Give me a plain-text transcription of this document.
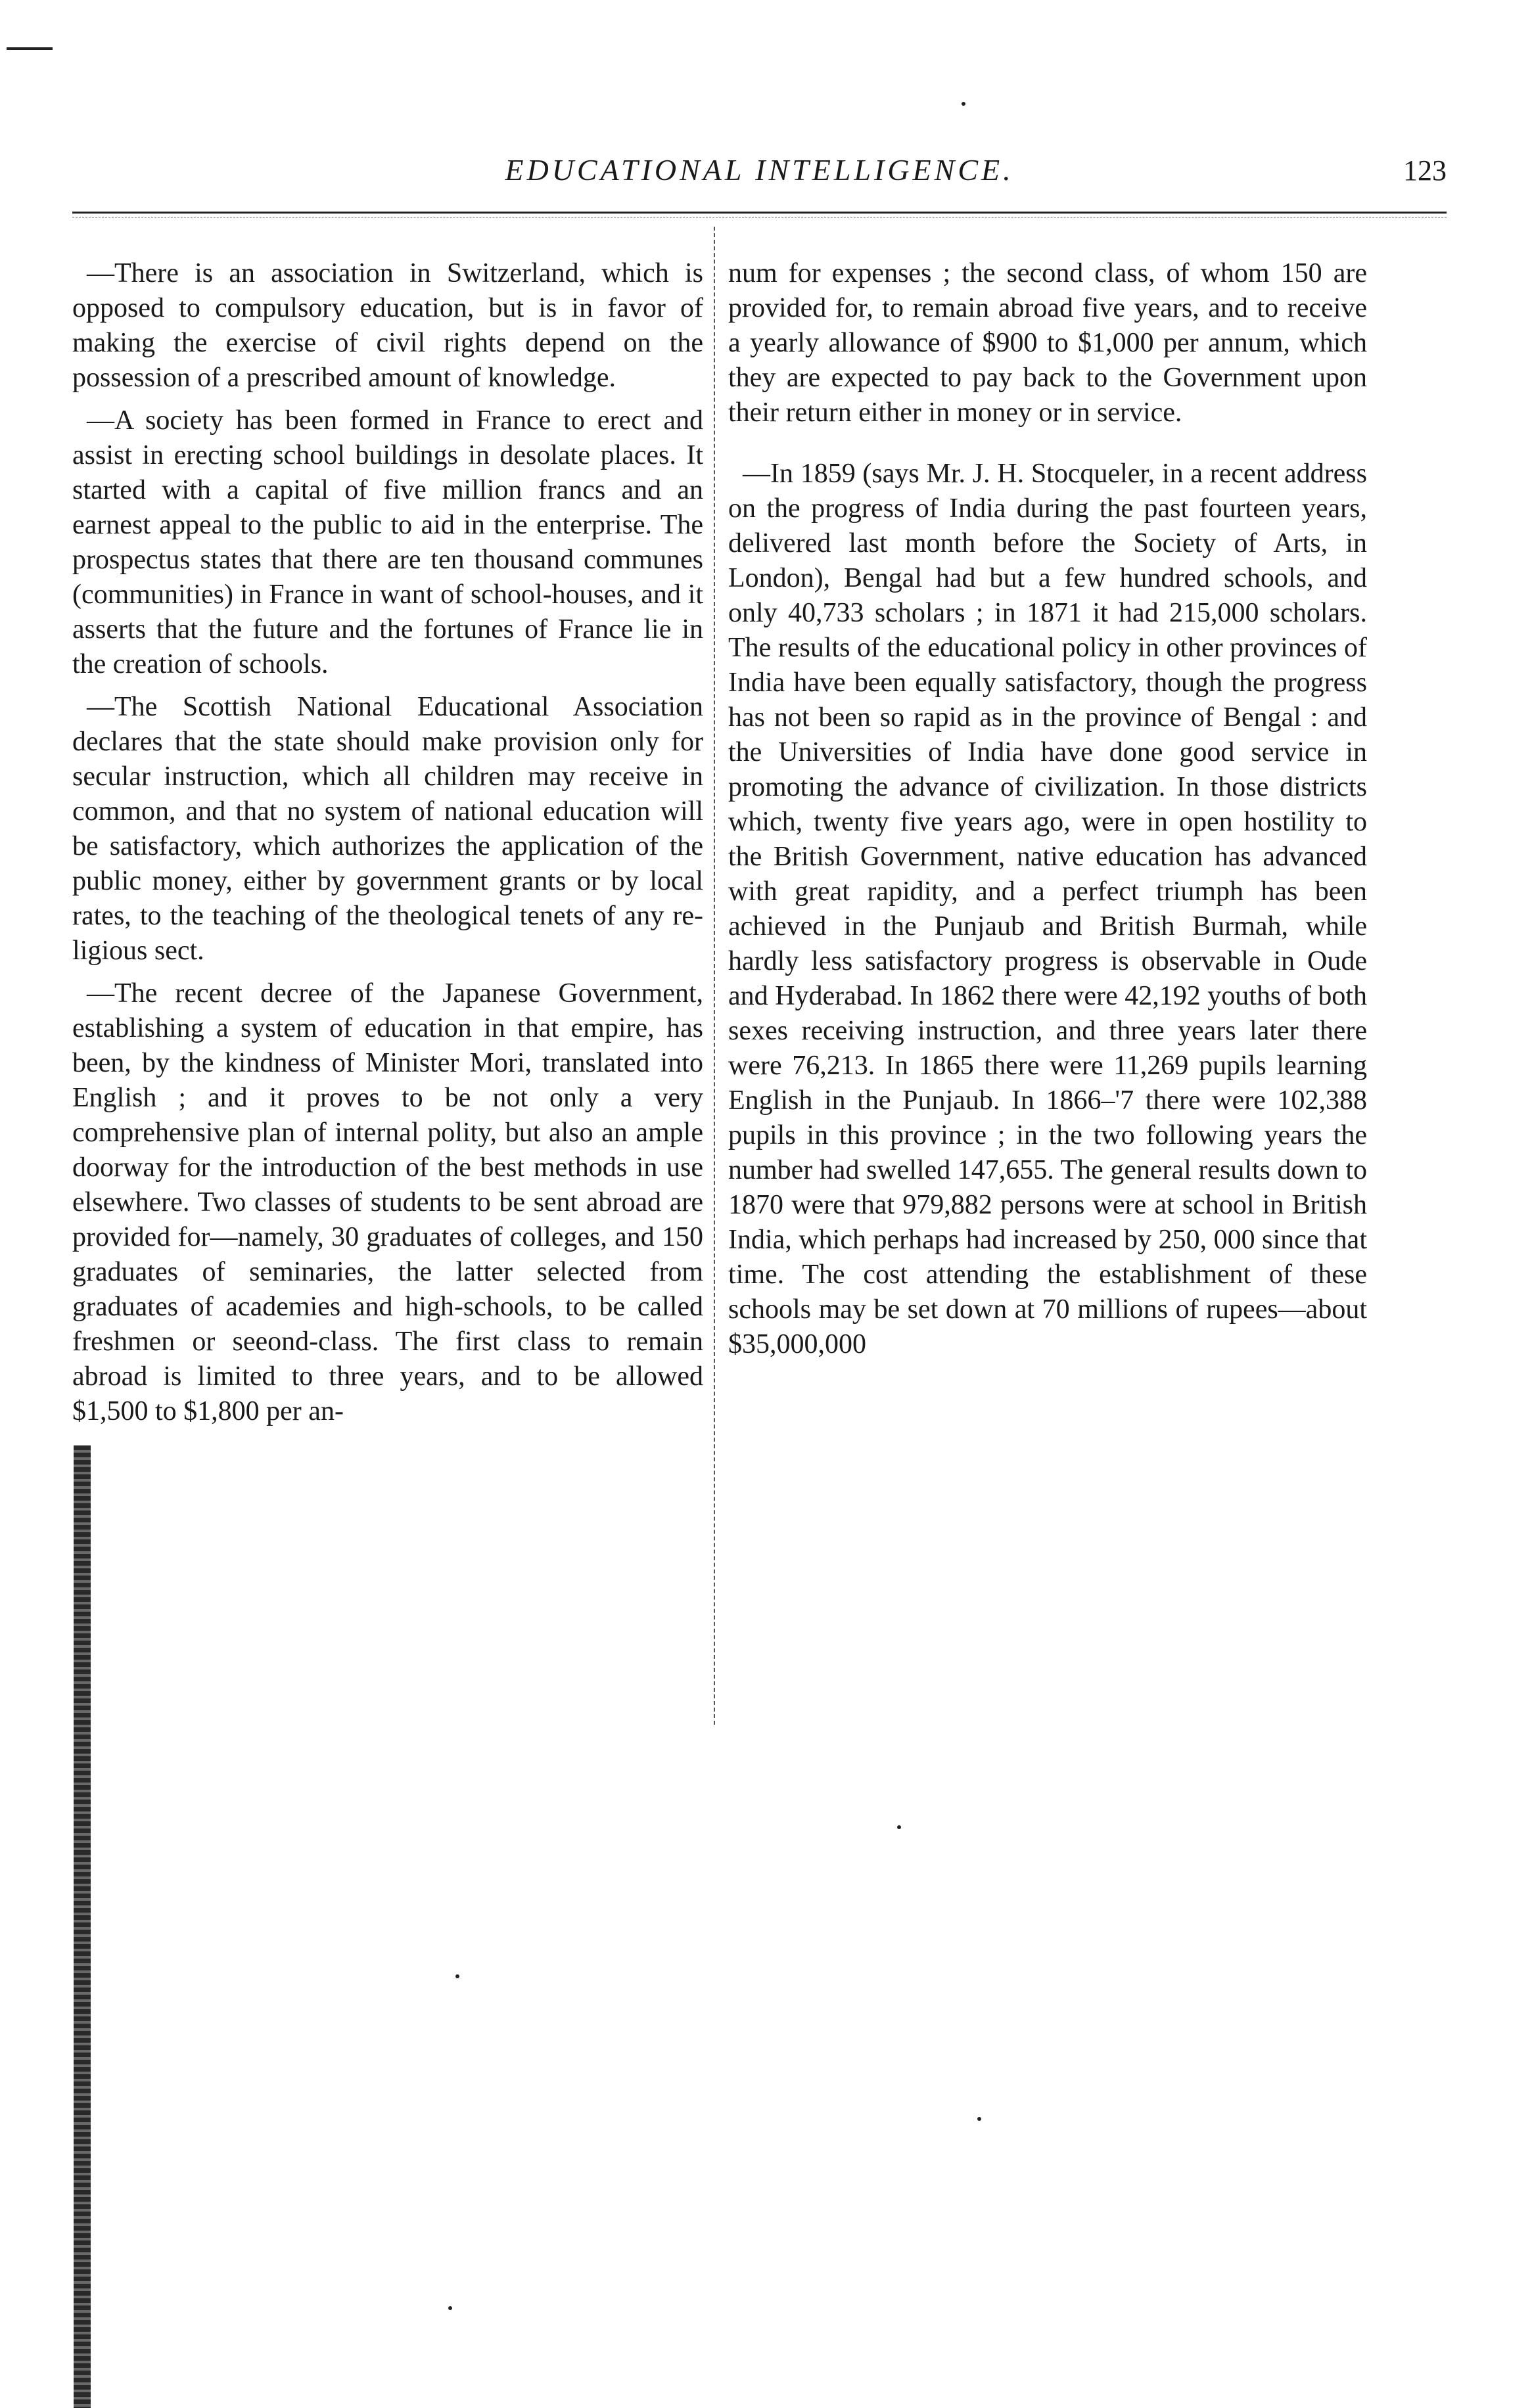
EDUCATIONAL INTELLIGENCE.	123

—There is an association in Switzerland, which is opposed to compulsory education, but is in favor of making the exercise of civil rights depend on the possession of a prescribed amount of knowledge.

—A society has been formed in France to erect and assist in erecting school buildings in desolate places. It started with a capital of five million francs and an earnest appeal to the public to aid in the enterprise. The prospectus states that there are ten thousand communes (communities) in France in want of school-houses, and it asserts that the future and the fortunes of France lie in the creation of schools.

—The Scottish National Educational Association declares that the state should make provision only for secular instruction, which all children may receive in common, and that no system of national education will be satisfactory, which authorizes the application of the public money, either by government grants or by local rates, to the teaching of the theological tenets of any religious sect.

—The recent decree of the Japanese Government, establishing a system of education in that empire, has been, by the kindness of Minister Mori, translated into English ; and it proves to be not only a very comprehensive plan of internal polity, but also an ample doorway for the introduction of the best methods in use elsewhere. Two classes of students to be sent abroad are provided for—namely, 30 graduates of colleges, and 150 graduates of seminaries, the latter selected from graduates of academies and high-schools, to be called freshmen or seeond-class. The first class to remain abroad is limited to three years, and to be allowed $1,500 to $1,800 per an-

num for expenses ; the second class, of whom 150 are provided for, to remain abroad five years, and to receive a yearly allowance of $900 to $1,000 per annum, which they are expected to pay back to the Government upon their return either in money or in service.

—In 1859 (says Mr. J. H. Stocqueler, in a recent address on the progress of India during the past fourteen years, delivered last month before the Society of Arts, in London), Bengal had but a few hundred schools, and only 40,733 scholars ; in 1871 it had 215,000 scholars. The results of the educational policy in other provinces of India have been equally satisfactory, though the progress has not been so rapid as in the province of Bengal : and the Universities of India have done good service in promoting the advance of civilization. In those districts which, twenty five years ago, were in open hostility to the British Government, native education has advanced with great rapidity, and a perfect triumph has been achieved in the Punjaub and British Burmah, while hardly less satisfactory progress is observable in Oude and Hyderabad. In 1862 there were 42,192 youths of both sexes receiving instruction, and three years later there were 76,213. In 1865 there were 11,269 pupils learning English in the Punjaub. In 1866–'7 there were 102,388 pupils in this province ; in the two following years the number had swelled 147,655. The general results down to 1870 were that 979,882 persons were at school in British India, which perhaps had increased by 250, 000 since that time. The cost attending the establishment of these schools may be set down at 70 millions of rupees—about $35,000,000
